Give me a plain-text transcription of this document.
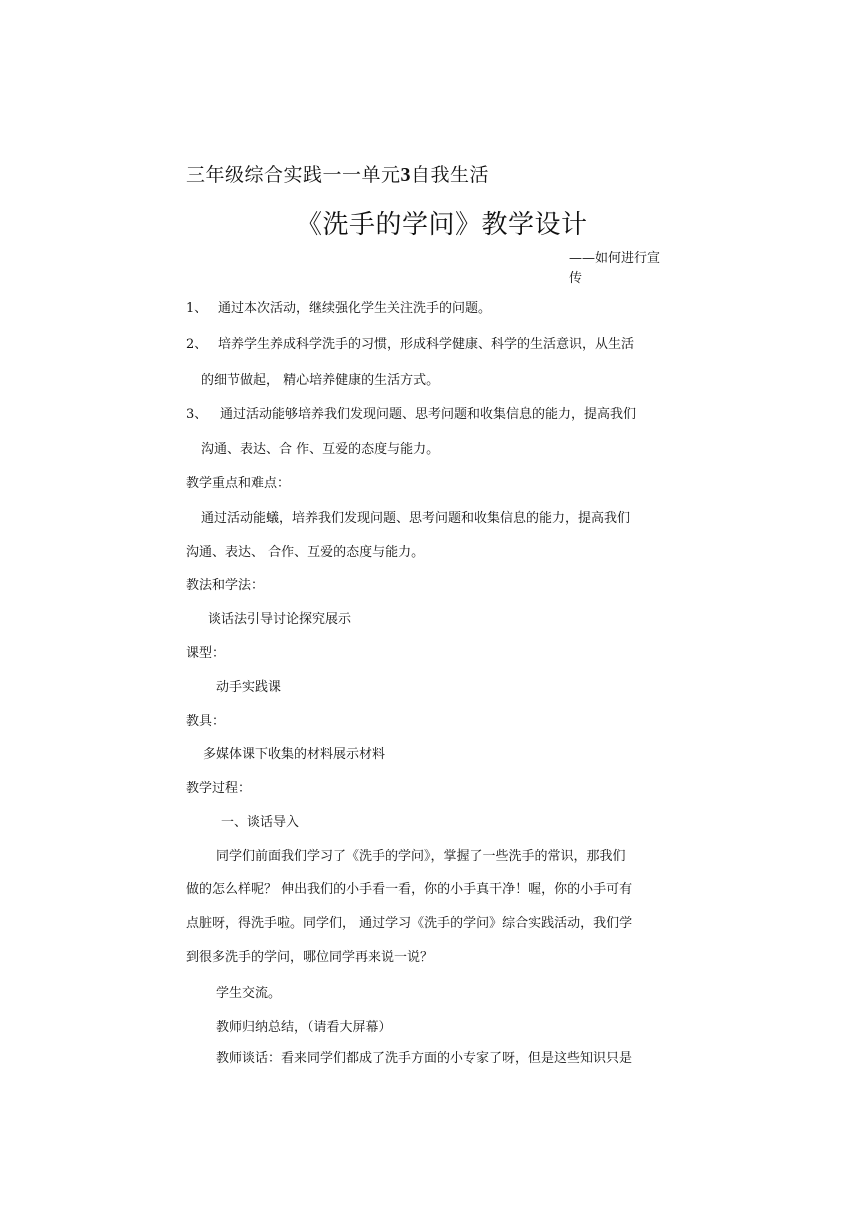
三年级综合实践一一单元3自我生活
《洗手的学问》教学设计
——如何进行宣
传
1、 通过本次活动，继续强化学生关注洗手的问题。
2、 培养学生养成科学洗手的习惯，形成科学健康、科学的生活意识，从生活
的细节做起， 精心培养健康的生活方式。
3、 通过活动能够培养我们发现问题、思考问题和收集信息的能力，提高我们
沟通、表达、合 作、互爱的态度与能力。
教学重点和难点：
通过活动能蟻，培养我们发现问题、思考问题和收集信息的能力，提高我们
沟通、表达、 合作、互爱的态度与能力。
教法和学法：
谈话法引导讨论探究展示
课型：
动手实践课
教具：
多媒体课下收集的材料展示材料
教学过程：
一、谈话导入
同学们前面我们学习了《洗手的学问》，掌握了一些洗手的常识，那我们
做的怎么样呢？ 伸出我们的小手看一看，你的小手真干净！喔，你的小手可有
点脏呀，得洗手啦。同学们， 通过学习《洗手的学问》综合实践活动，我们学
到很多洗手的学问，哪位同学再来说一说？
学生交流。
教师归纳总结，（请看大屏幕）
教师谈话：看来同学们都成了洗手方面的小专家了呀，但是这些知识只是
